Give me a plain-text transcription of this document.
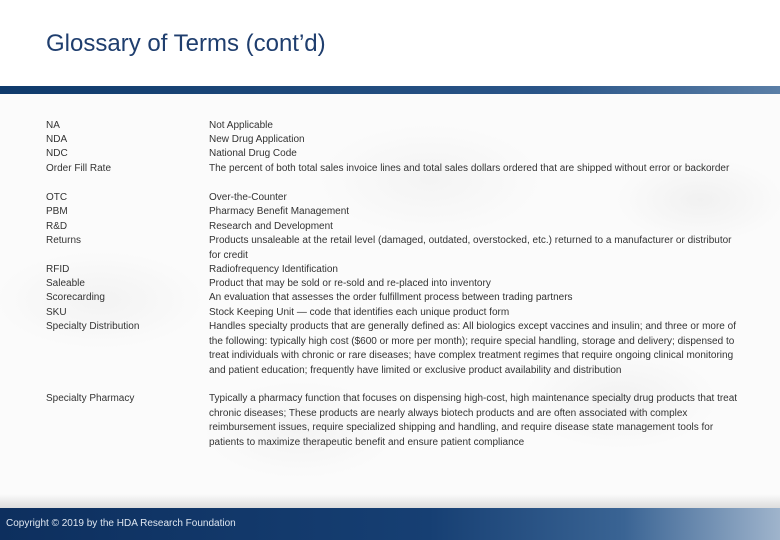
Glossary of Terms (cont’d)

NA	Not Applicable

NDA	New Drug Application

NDC	National Drug Code

Order Fill Rate	The percent of both total sales invoice lines and total sales dollars ordered that are shipped without error or backorder

OTC	Over-the-Counter

PBM	Pharmacy Benefit Management

R&D	Research and Development

Returns	Products unsaleable at the retail level (damaged, outdated, overstocked, etc.) returned to a manufacturer or distributor for credit

RFID	Radiofrequency Identification

Saleable	Product that may be sold or re-sold and re-placed into inventory

Scorecarding	An evaluation that assesses the order fulfillment process between trading partners

SKU	Stock Keeping Unit — code that identifies each unique product form

Specialty Distribution	Handles specialty products that are generally defined as: All biologics except vaccines and insulin; and three or more of the following: typically high cost ($600 or more per month); require special handling, storage and delivery; dispensed to treat individuals with chronic or rare diseases; have complex treatment regimes that require ongoing clinical monitoring and patient education; frequently have limited or exclusive product availability and distribution

Specialty Pharmacy	Typically a pharmacy function that focuses on dispensing high-cost, high maintenance specialty drug products that treat chronic diseases; These products are nearly always biotech products and are often associated with complex reimbursement issues, require specialized shipping and handling, and require disease state management tools for patients to maximize therapeutic benefit and ensure patient compliance

Copyright © 2019 by the HDA Research Foundation
